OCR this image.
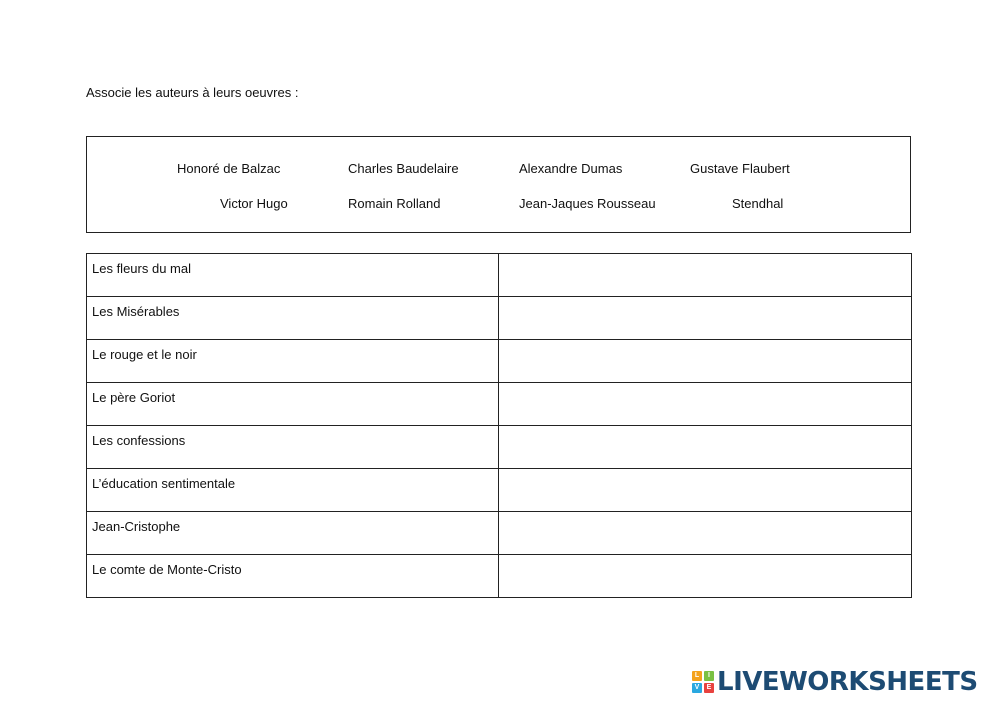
Associe les auteurs à leurs oeuvres :
Honoré de Balzac	Charles Baudelaire	Alexandre Dumas	Gustave Flaubert
Victor Hugo	Romain Rolland	Jean-Jaques Rousseau	Stendhal
Les fleurs du mal	
Les Misérables	
Le rouge et le noir	
Le père Goriot	
Les confessions	
L’éducation sentimentale	
Jean-Cristophe	
Le comte de Monte-Cristo	
L	I
V	E LIVEWORKSHEETS
